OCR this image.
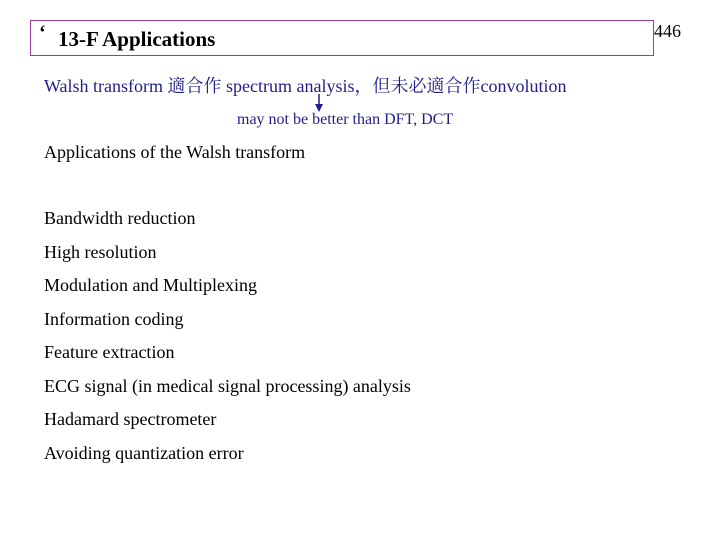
‘ 13-F Applications	446
Walsh transform 適合作 spectrum analysis，但未必適合作convolution
may not be better than DFT, DCT
Applications of the Walsh transform
Bandwidth reduction
High resolution
Modulation and Multiplexing
Information coding
Feature extraction
ECG signal (in medical signal processing) analysis
Hadamard spectrometer
Avoiding quantization error
